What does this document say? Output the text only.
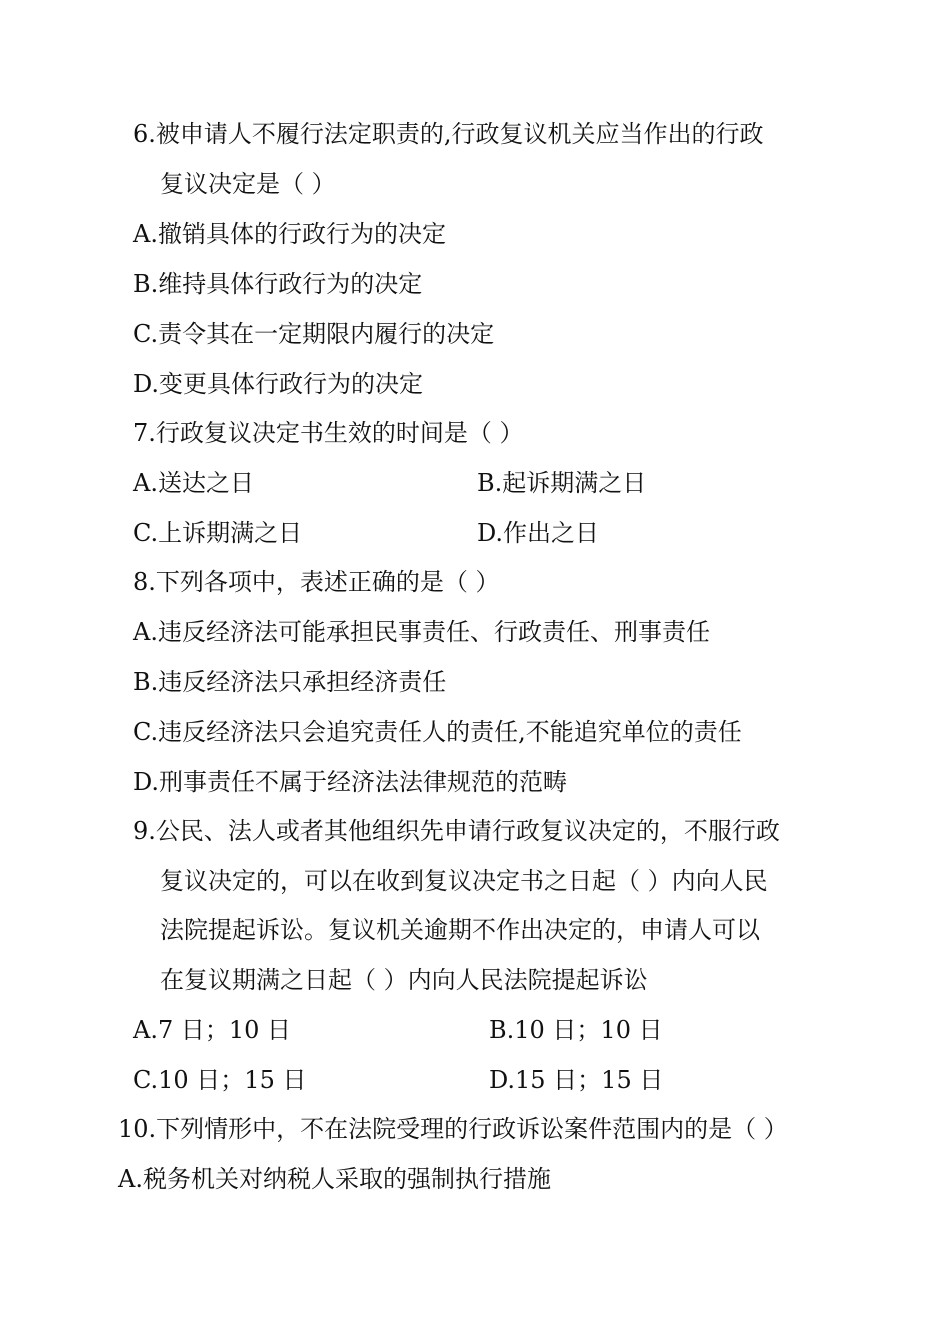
6.被申请人不履行法定职责的,行政复议机关应当作出的行政
复议决定是（ ）
A.撤销具体的行政行为的决定
B.维持具体行政行为的决定
C.责令其在一定期限内履行的决定
D.变更具体行政行为的决定
7.行政复议决定书生效的时间是（ ）
A.送达之日	B.起诉期满之日
C.上诉期满之日	D.作出之日
8.下列各项中，表述正确的是（ ）
A.违反经济法可能承担民事责任、行政责任、刑事责任
B.违反经济法只承担经济责任
C.违反经济法只会追究责任人的责任,不能追究单位的责任
D.刑事责任不属于经济法法律规范的范畴
9.公民、法人或者其他组织先申请行政复议决定的，不服行政
复议决定的，可以在收到复议决定书之日起（ ）内向人民
法院提起诉讼。复议机关逾期不作出决定的，申请人可以
在复议期满之日起（ ）内向人民法院提起诉讼
A.7 日；10 日	B.10 日；10 日
C.10 日；15 日	D.15 日；15 日
10.下列情形中，不在法院受理的行政诉讼案件范围内的是（ ）
A.税务机关对纳税人采取的强制执行措施
